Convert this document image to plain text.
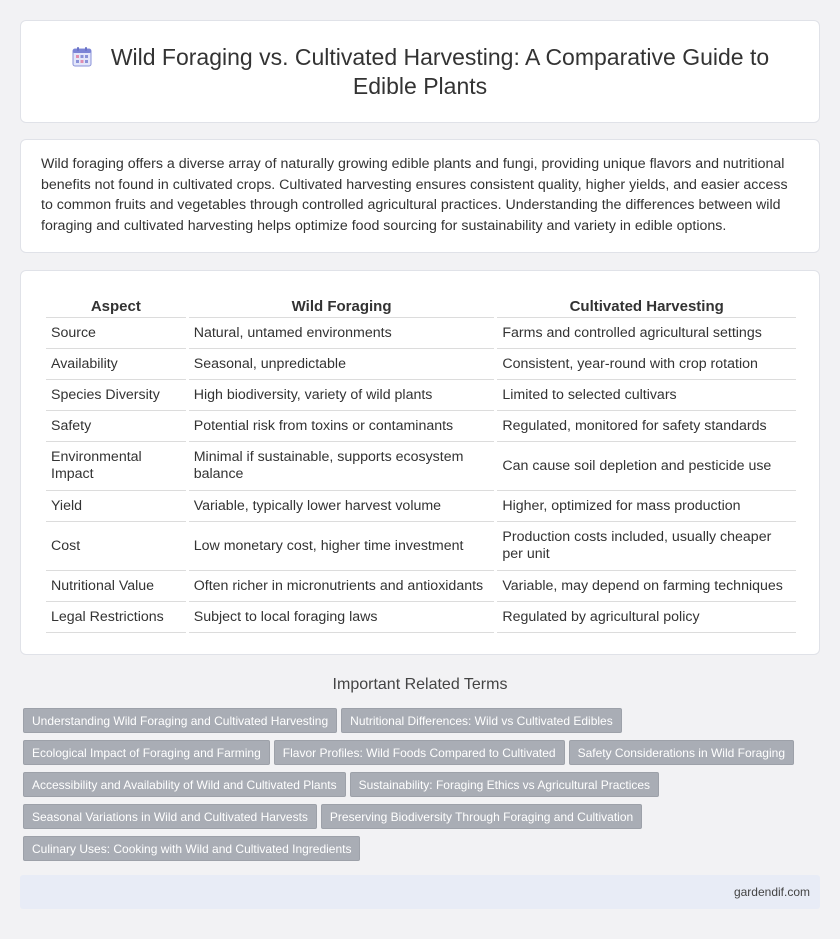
Wild Foraging vs. Cultivated Harvesting: A Comparative Guide to Edible Plants
Wild foraging offers a diverse array of naturally growing edible plants and fungi, providing unique flavors and nutritional benefits not found in cultivated crops. Cultivated harvesting ensures consistent quality, higher yields, and easier access to common fruits and vegetables through controlled agricultural practices. Understanding the differences between wild foraging and cultivated harvesting helps optimize food sourcing for sustainability and variety in edible options.
Aspect	Wild Foraging	Cultivated Harvesting
Source	Natural, untamed environments	Farms and controlled agricultural settings
Availability	Seasonal, unpredictable	Consistent, year-round with crop rotation
Species Diversity	High biodiversity, variety of wild plants	Limited to selected cultivars
Safety	Potential risk from toxins or contaminants	Regulated, monitored for safety standards
Environmental Impact	Minimal if sustainable, supports ecosystem balance	Can cause soil depletion and pesticide use
Yield	Variable, typically lower harvest volume	Higher, optimized for mass production
Cost	Low monetary cost, higher time investment	Production costs included, usually cheaper per unit
Nutritional Value	Often richer in micronutrients and antioxidants	Variable, may depend on farming techniques
Legal Restrictions	Subject to local foraging laws	Regulated by agricultural policy
Important Related Terms
Understanding Wild Foraging and Cultivated Harvesting Nutritional Differences: Wild vs Cultivated Edibles
Ecological Impact of Foraging and Farming Flavor Profiles: Wild Foods Compared to Cultivated Safety Considerations in Wild Foraging
Accessibility and Availability of Wild and Cultivated Plants Sustainability: Foraging Ethics vs Agricultural Practices
Seasonal Variations in Wild and Cultivated Harvests Preserving Biodiversity Through Foraging and Cultivation
Culinary Uses: Cooking with Wild and Cultivated Ingredients
gardendif.com
